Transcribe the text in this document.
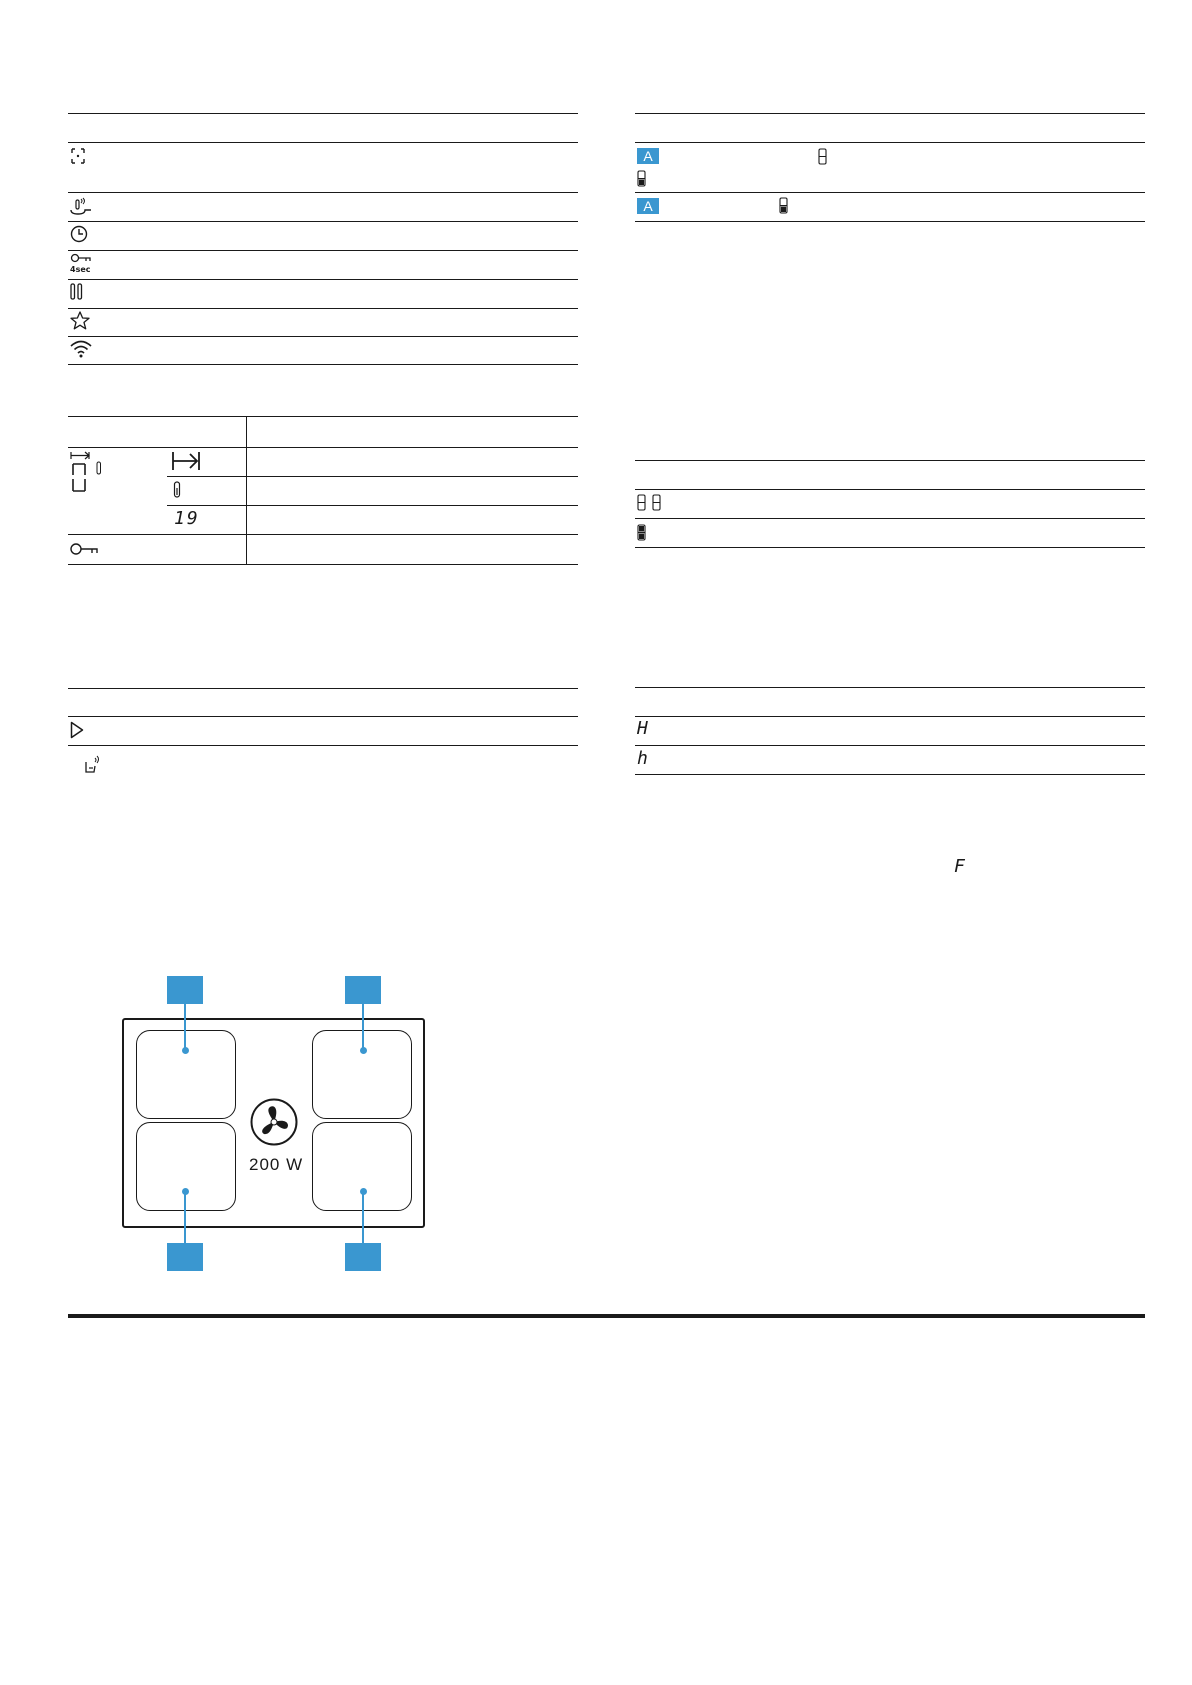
4sec
19
A
A
H
h
F
200 W
